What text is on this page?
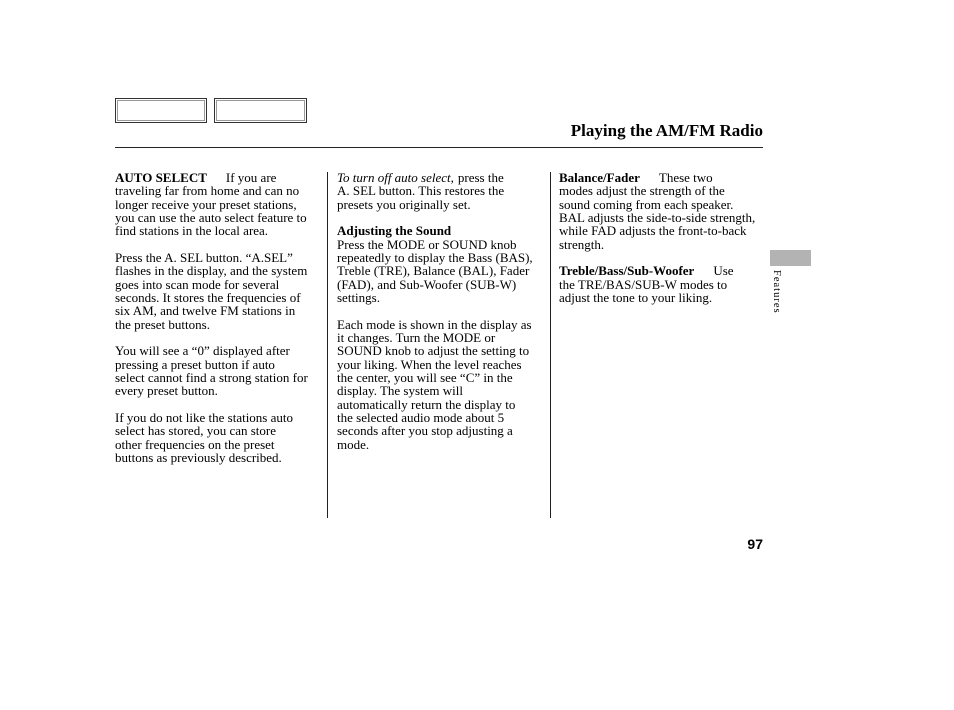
Playing the AM/FM Radio
AUTO SELECT If you are
traveling far from home and can no
longer receive your preset stations,
you can use the auto select feature to
find stations in the local area.
Press the A. SEL button. “A.SEL”
flashes in the display, and the system
goes into scan mode for several
seconds. It stores the frequencies of
six AM, and twelve FM stations in
the preset buttons.
You will see a “0” displayed after
pressing a preset button if auto
select cannot find a strong station for
every preset button.
If you do not like the stations auto
select has stored, you can store
other frequencies on the preset
buttons as previously described.
To turn off auto select, press the
A. SEL button. This restores the
presets you originally set.
Adjusting the Sound
Press the MODE or SOUND knob
repeatedly to display the Bass (BAS),
Treble (TRE), Balance (BAL), Fader
(FAD), and Sub-Woofer (SUB-W)
settings.
Each mode is shown in the display as
it changes. Turn the MODE or
SOUND knob to adjust the setting to
your liking. When the level reaches
the center, you will see “C” in the
display. The system will
automatically return the display to
the selected audio mode about 5
seconds after you stop adjusting a
mode.
Balance/Fader These two
modes adjust the strength of the
sound coming from each speaker.
BAL adjusts the side-to-side strength,
while FAD adjusts the front-to-back
strength.
Treble/Bass/Sub-Woofer Use
the TRE/BAS/SUB-W modes to
adjust the tone to your liking.	Features
97
